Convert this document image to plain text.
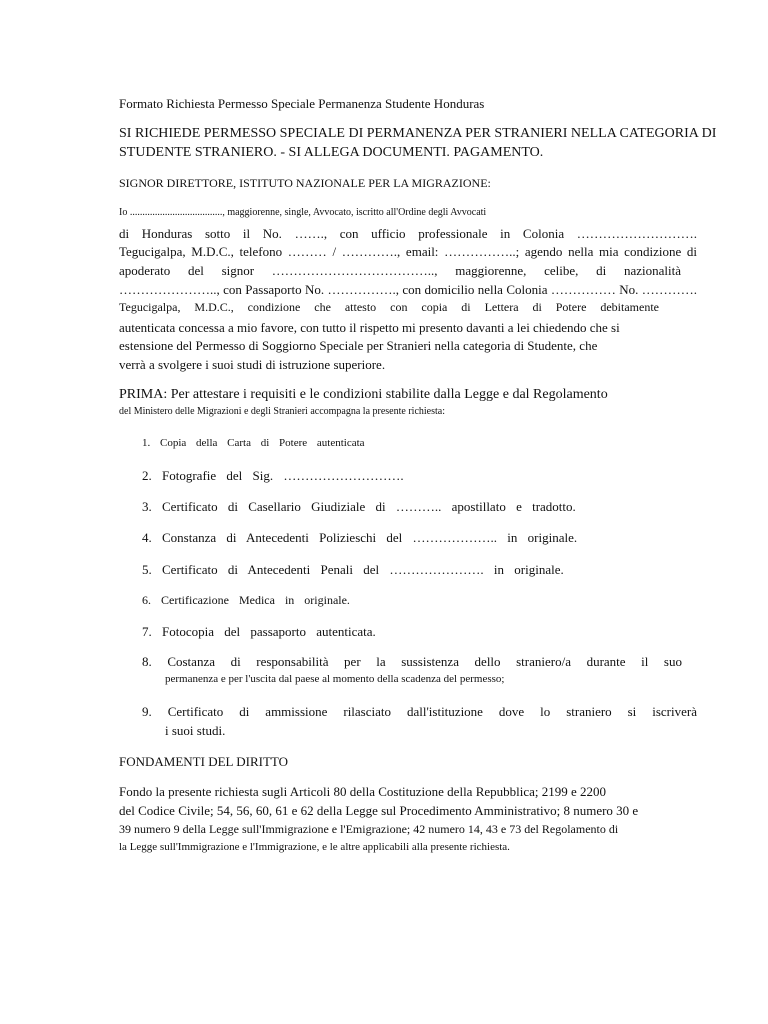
Formato Richiesta Permesso Speciale Permanenza Studente Honduras
SI RICHIEDE PERMESSO SPECIALE DI PERMANENZA PER STRANIERI NELLA CATEGORIA DI
STUDENTE STRANIERO. - SI ALLEGA DOCUMENTI. PAGAMENTO.
SIGNOR DIRETTORE, ISTITUTO NAZIONALE PER LA MIGRAZIONE:
Io ....................................., maggiorenne, single, Avvocato, iscritto all'Ordine degli Avvocati
di Honduras sotto il No. ……., con ufficio professionale in Colonia ……………………….
Tegucigalpa, M.D.C., telefono ……… / …………., email: ……………..; agendo nella mia condizione di
apoderato del signor ……………………………….., maggiorenne, celibe, di nazionalità
………………….., con Passaporto No. ……………., con domicilio nella Colonia …………… No. ………….
Tegucigalpa, M.D.C., condizione che attesto con copia di Lettera di Potere debitamente
autenticata concessa a mio favore, con tutto il rispetto mi presento davanti a lei chiedendo che si
estensione del Permesso di Soggiorno Speciale per Stranieri nella categoria di Studente, che
verrà a svolgere i suoi studi di istruzione superiore.
PRIMA: Per attestare i requisiti e le condizioni stabilite dalla Legge e dal Regolamento
del Ministero delle Migrazioni e degli Stranieri accompagna la presente richiesta:
1. Copia della Carta di Potere autenticata
2. Fotografie del Sig. ……………………….
3. Certificato di Casellario Giudiziale di ……….. apostillato e tradotto.
4. Constanza di Antecedenti Polizieschi del ……………….. in originale.
5. Certificato di Antecedenti Penali del …………………. in originale.
6. Certificazione Medica in originale.
7. Fotocopia del passaporto autenticata.
8. Costanza di responsabilità per la sussistenza dello straniero/a durante il suo
permanenza e per l'uscita dal paese al momento della scadenza del permesso;
9. Certificato di ammissione rilasciato dall'istituzione dove lo straniero si iscriverà
i suoi studi.
FONDAMENTI DEL DIRITTO
Fondo la presente richiesta sugli Articoli 80 della Costituzione della Repubblica; 2199 e 2200
del Codice Civile; 54, 56, 60, 61 e 62 della Legge sul Procedimento Amministrativo; 8 numero 30 e
39 numero 9 della Legge sull'Immigrazione e l'Emigrazione; 42 numero 14, 43 e 73 del Regolamento di
la Legge sull'Immigrazione e l'Immigrazione, e le altre applicabili alla presente richiesta.
